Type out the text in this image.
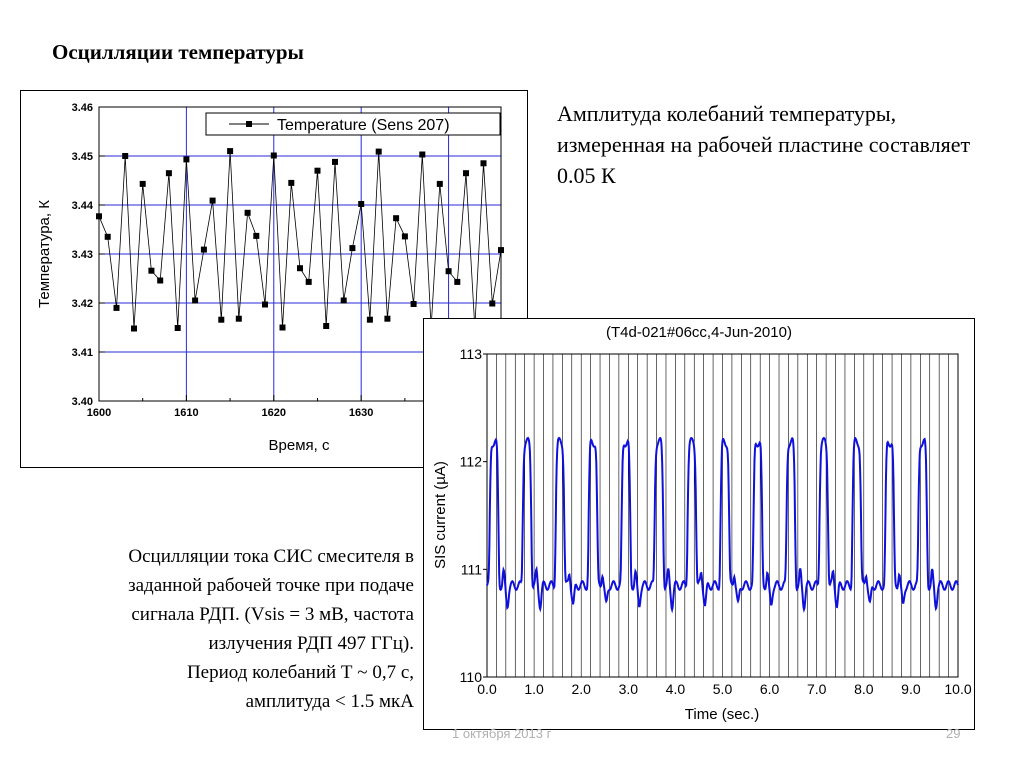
Осцилляции температуры
Амплитуда колебаний температуры, измеренная на рабочей пластине составляет 0.05 К
1600	1610	1620	1630
3.40
3.41
3.42
3.43
3.44
3.45
3.46
Temperature (Sens 207)
Время, с
Температура, К
Осцилляции тока СИС смесителя в
заданной рабочей точке при подаче
сигнала РДП. (Vsis = 3 мВ, частота
излучения РДП 497 ГГц).
Период колебаний Т ~ 0,7 с,
амплитуда < 1.5 мкА
(T4d-021#06cc,4-Jun-2010)
0.0 1.0 2.0 3.0 4.0 5.0 6.0 7.0 8.0 9.0 10.0
110
111
112
113
Time (sec.)
SIS current (µA)
1 октября 2013 г	29
